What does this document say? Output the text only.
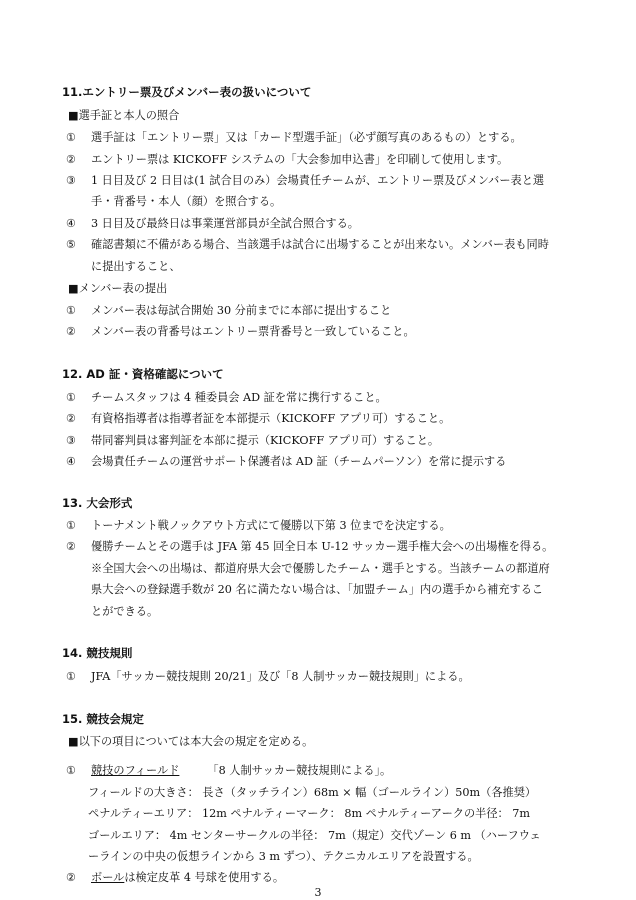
11.エントリー票及びメンバー表の扱いについて
■選手証と本人の照合
① 選手証は「エントリー票」又は「カード型選手証」（必ず顔写真のあるもの）とする。
② エントリー票は KICKOFF システムの「大会参加申込書」を印刷して使用します。
③ 1 日目及び 2 日目は(1 試合目のみ）会場責任チームが、エントリー票及びメンバー表と選
手・背番号・本人（顔）を照合する。
④ 3 日目及び最終日は事業運営部員が全試合照合する。
⑤ 確認書類に不備がある場合、当該選手は試合に出場することが出来ない。メンバー表も同時
に提出すること、
■メンバー表の提出
① メンバー表は毎試合開始 30 分前までに本部に提出すること
② メンバー表の背番号はエントリー票背番号と一致していること。
12. AD 証・資格確認について
① チームスタッフは 4 種委員会 AD 証を常に携行すること。
② 有資格指導者は指導者証を本部提示（KICKOFF アプリ可）すること。
③ 帯同審判員は審判証を本部に提示（KICKOFF アプリ可）すること。
④ 会場責任チームの運営サポート保護者は AD 証（チームパーソン）を常に提示する
13. 大会形式
① トーナメント戦ノックアウト方式にて優勝以下第 3 位までを決定する。
② 優勝チームとその選手は JFA 第 45 回全日本 U-12 サッカー選手権大会への出場権を得る。
※全国大会への出場は、都道府県大会で優勝したチーム・選手とする。当該チームの都道府
県大会への登録選手数が 20 名に満たない場合は、「加盟チーム」内の選手から補充するこ
とができる。
14. 競技規則
① JFA「サッカー競技規則 20/21」及び「8 人制サッカー競技規則」による。
15. 競技会規定
■以下の項目については本大会の規定を定める。
① 競技のフィールド	「8 人制サッカー競技規則による」。
フィールドの大きさ： 長さ（タッチライン）68m × 幅（ゴールライン）50m（各推奨）
ペナルティーエリア： 12m ペナルティーマーク： 8m ペナルティーアークの半径： 7m
ゴールエリア： 4m センターサークルの半径： 7m（規定）交代ゾーン 6 m （ハーフウェ
ーラインの中央の仮想ラインから 3 m ずつ）、テクニカルエリアを設置する。
② ボールは検定皮革 4 号球を使用する。
3
